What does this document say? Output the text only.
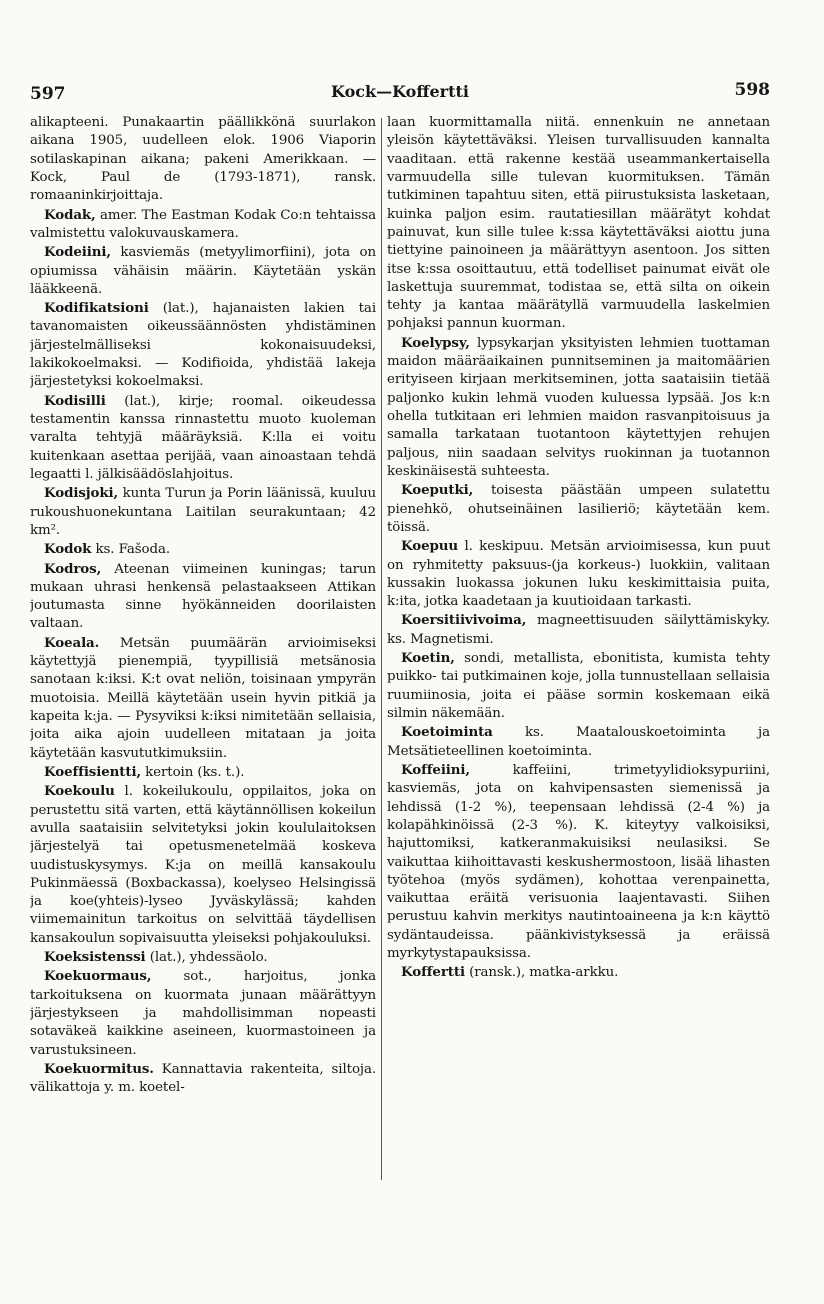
597	Kock—Koffertti	598

alikapteeni. Punakaartin päällikkönä suurlakon aikana 1905, uudelleen elok. 1906 Viaporin sotilaskapinan aikana; pakeni Amerikkaan. — Kock, Paul de (1793-1871), ransk. romaaninkirjoittaja.

Kodak, amer. The Eastman Kodak Co:n tehtaissa valmistettu valokuvauskamera.

Kodeiini, kasviemäs (metyylimorfiini), jota on opiumissa vähäisin määrin. Käytetään yskän lääkkeenä.

Kodifikatsioni (lat.), hajanaisten lakien tai tavanomaisten oikeussäännösten yhdistäminen järjestelmälliseksi kokonaisuudeksi, lakikokoelmaksi. — Kodifioida, yhdistää lakeja järjestetyksi kokoelmaksi.

Kodisilli (lat.), kirje; roomal. oikeudessa testamentin kanssa rinnastettu muoto kuoleman varalta tehtyjä määräyksiä. K:lla ei voitu kuitenkaan asettaa perijää, vaan ainoastaan tehdä legaatti l. jälkisäädöslahjoitus.

Kodisjoki, kunta Turun ja Porin läänissä, kuuluu rukoushuonekuntana Laitilan seurakuntaan; 42 km².

Kodok ks. Fašoda.

Kodros, Ateenan viimeinen kuningas; tarun mukaan uhrasi henkensä pelastaakseen Attikan joutumasta sinne hyökänneiden doorilaisten valtaan.

Koeala. Metsän puumäärän arvioimiseksi käytettyjä pienempiä, tyypillisiä metsänosia sanotaan k:iksi. K:t ovat neliön, toisinaan ympyrän muotoisia. Meillä käytetään usein hyvin pitkiä ja kapeita k:ja. — Pysyviksi k:iksi nimitetään sellaisia, joita aika ajoin uudelleen mitataan ja joita käytetään kasvututkimuksiin.

Koeffisientti, kertoin (ks. t.).

Koekoulu l. kokeilukoulu, oppilaitos, joka on perustettu sitä varten, että käytännöllisen kokeilun avulla saataisiin selvitetyksi jokin koululaitoksen järjestelyä tai opetusmenetelmää koskeva uudistuskysymys. K:ja on meillä kansakoulu Pukinmäessä (Boxbackassa), koelyseo Helsingissä ja koe(yhteis)-lyseo Jyväskylässä; kahden viimemainitun tarkoitus on selvittää täydellisen kansakoulun sopivaisuutta yleiseksi pohjakouluksi.

Koeksistenssi (lat.), yhdessäolo.

Koekuormaus, sot., harjoitus, jonka tarkoituksena on kuormata junaan määrättyyn järjestykseen ja mahdollisimman nopeasti sotaväkeä kaikkine aseineen, kuormastoineen ja varustuksineen.

Koekuormitus. Kannattavia rakenteita, siltoja. välikattoja y. m. koetel-

laan kuormittamalla niitä. ennenkuin ne annetaan yleisön käytettäväksi. Yleisen turvallisuuden kannalta vaaditaan. että rakenne kestää useammankertaisella varmuudella sille tulevan kuormituksen. Tämän tutkiminen tapahtuu siten, että piirustuksista lasketaan, kuinka paljon esim. rautatiesillan määrätyt kohdat painuvat, kun sille tulee k:ssa käytettäväksi aiottu juna tiettyine painoineen ja määrättyyn asentoon. Jos sitten itse k:ssa osoittautuu, että todelliset painumat eivät ole laskettuja suuremmat, todistaa se, että silta on oikein tehty ja kantaa määrätyllä varmuudella laskelmien pohjaksi pannun kuorman.

Koelypsy, lypsykarjan yksityisten lehmien tuottaman maidon määräaikainen punnitseminen ja maitomäärien erityiseen kirjaan merkitseminen, jotta saataisiin tietää paljonko kukin lehmä vuoden kuluessa lypsää. Jos k:n ohella tutkitaan eri lehmien maidon rasvanpitoisuus ja samalla tarkataan tuotantoon käytettyjen rehujen paljous, niin saadaan selvitys ruokinnan ja tuotannon keskinäisestä suhteesta.

Koeputki, toisesta päästään umpeen sulatettu pienehkö, ohutseinäinen lasilieriö; käytetään kem. töissä.

Koepuu l. keskipuu. Metsän arvioimisessa, kun puut on ryhmitetty paksuus-(ja korkeus-) luokkiin, valitaan kussakin luokassa jokunen luku keskimittaisia puita, k:ita, jotka kaadetaan ja kuutioidaan tarkasti.

Koersitiivivoima, magneettisuuden säilyttämiskyky. ks. Magnetismi.

Koetin, sondi, metallista, ebonitista, kumista tehty puikko- tai putkimainen koje, jolla tunnustellaan sellaisia ruumiinosia, joita ei pääse sormin koskemaan eikä silmin näkemään.

Koetoiminta ks. Maatalouskoetoiminta ja Metsätieteellinen koetoiminta.

Koffeiini, kaffeiini, trimetyylidioksypuriini, kasviemäs, jota on kahvipensasten siemenissä ja lehdissä (1-2 %), teepensaan lehdissä (2-4 %) ja kolapähkinöissä (2-3 %). K. kiteytyy valkoisiksi, hajuttomiksi, katkeranmakuisiksi neulasiksi. Se vaikuttaa kiihoittavasti keskushermostoon, lisää lihasten työtehoa (myös sydämen), kohottaa verenpainetta, vaikuttaa eräitä verisuonia laajentavasti. Siihen perustuu kahvin merkitys nautintoaineena ja k:n käyttö sydäntaudeissa. päänkivistyksessä ja eräissä myrkytystapauksissa.

Koffertti (ransk.), matka-arkku.
